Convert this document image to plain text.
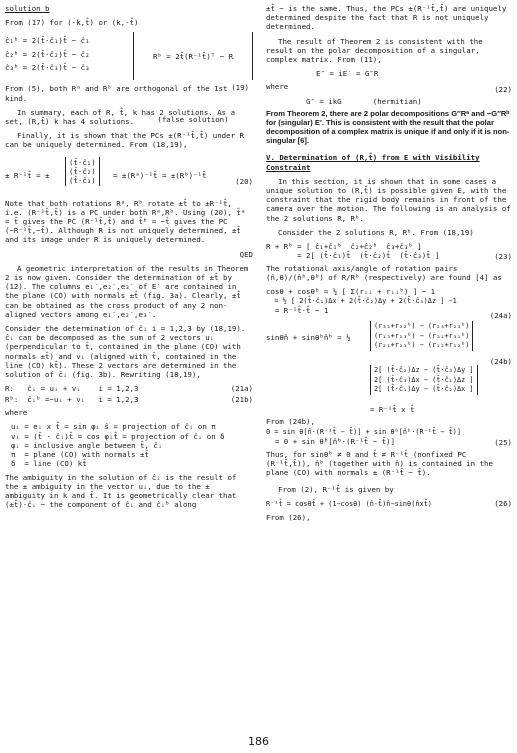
solution b

From (17) for (-k,t̂) or (k,-t̂)

ĉ₁ᵇ = 2(t̂·ĉ₁)t̂ − ĉ₁
ĉ₂ᵇ = 2(t̂·ĉ₂)t̂ − ĉ₂
ĉ₃ᵇ = 2(t̂·ĉ₃)t̂ − ĉ₃

Rᵇ = 2t̂(R⁻¹t̂)ᵀ − R

(19)

(false solution)

From (5), both Rᵃ and Rᵇ are orthogonal of the 1st kind.

In summary, each of R, t̂, k has 2 solutions. As a set, (R,t̂) k has 4 solutions.

Finally, it is shown that the PCs ±(R⁻¹t̂,t̂) under R can be uniquely determined. From (18,19),

± R⁻¹t̂ = ±
(t̂·ĉ₁)
(t̂·ĉ₂)
(t̂·ĉ₃)
= ±(Rᵃ)⁻¹t̂ = ±(Rᵇ)⁻¹t̂
(20)

Note that both rotations Rᵃ, Rᵇ rotate ±t̂ to ±R⁻¹t̂, i.e. (R⁻¹t̂,t̂) is a PC under both Rᵃ,Rᵇ. Using (20), t̂ᵃ = t̂ gives the PC (R⁻¹t̂,t̂) and t̂ᵇ = −t̂ gives the PC (−R⁻¹t̂,−t̂). Although R is not uniquely determined, ±t̂ and its image under R is uniquely determined.

QED

A geometric interpretation of the results in Theorem 2 is now given. Consider the determination of ±t̂ by (12). The columns e₁′,e₂′,e₃′ of E′ are contained in the plane (CO) with normals ±t̂ (fig. 3a). Clearly, ±t̂ can be obtained as the cross product of any 2 non-aligned vectors among e₁′,e₂′,e₃′.

Consider the determination of ĉᵢ i = 1,2,3 by (18,19). ĉᵢ can be decomposed as the sum of 2 vectors uᵢ (perpendicular to t̂, contained in the plane (CO) with normals ±t̂) and vᵢ (aligned with t̂, contained in the line (CO) kt̂). These 2 vectors are determined in the solution of ĉᵢ (fig. 3b). Rewriting (18,19),

R:   ĉᵢ = uᵢ + vᵢ    i = 1,2,3	(21a)
Rᵇ:  ĉᵢᵇ =−uᵢ + vᵢ   i = 1,2,3	(21b)

where

uᵢ = eᵢ x t̂ = sin φᵢ ŝ = projection of ĉᵢ on π
vᵢ = (t̂ · ĉᵢ)t̂ = cos φᵢt̂ = projection of ĉᵢ on δ
φᵢ = inclusive angle between t̂, ĉᵢ
π  = plane (CO) with normals ±t̂
δ  = line (CO) kt̂

The ambiguity in the solution of ĉᵢ is the result of the ± ambiguity in the vector uᵢ, due to the ± ambiguity in k and t̂. It is geometrically clear that (±t̂)·ĉᵢ − the component of ĉᵢ and ĉᵢᵇ along

±t̂ − is the same. Thus, the PCs ±(R⁻¹t̂,t̂) are uniquely determined despite the fact that R is not uniquely determined.

The result of Theorem 2 is consistent with the result on the polar decomposition of a singular, complex matrix. From (11),

E″ = iE′ = G″R

where

G″ = ikG       (hermitian)
(22)

From Theorem 2, there are 2 polar decompositions G″Rᵃ and −G″Rᵇ for (singular) E′. This is consistent with the result that the polar decomposition of a complex matrix is unique if and only if it is non-singular [6].

V. Determination of (R,t̂) from E with Visibility Constraint

In this section, it is shown that in some cases a unique solution to (R,t̂) is possible given E, with the constraint that the rigid body remains in front of the camera over the motion. The following is an analysis of the 2 solutions R, Rᵇ.

Consider the 2 solutions R, Rᵇ. From (18,19)

R + Rᵇ = [ ĉ₁+ĉ₁ᵇ  ĉ₂+ĉ₂ᵇ  ĉ₃+ĉ₃ᵇ ]
= 2[ (t̂·ĉ₁)t̂  (t̂·ĉ₂)t̂  (t̂·ĉ₃)t̂ ]	(23)

The rotational axis/angle of rotation pairs (n̂,θ)/(n̂ᵇ,θᵇ) of R/Rᵇ (respectively) are found [4] as

cosθ + cosθᵇ = ½ [ Σ(rᵢᵢ + rᵢᵢᵇ) ] − 1
= ½ [ 2(t̂·ĉ₁)Δx + 2(t̂·ĉ₂)Δy + 2(t̂·ĉ₃)Δz ] −1
= R⁻¹t̂·t̂ − 1
(24a)
sinθn̂ + sinθᵇn̂ᵇ = ½
(r₃₂+r₃₂ᵇ) − (r₂₃+r₂₃ᵇ)
(r₁₃+r₁₃ᵇ) − (r₃₁+r₃₁ᵇ)
(r₂₁+r₂₁ᵇ) − (r₁₂+r₁₂ᵇ)
(24b)
2[ (t̂·ĉ₂)Δz − (t̂·ĉ₃)Δy ]
2[ (t̂·ĉ₃)Δx − (t̂·ĉ₁)Δz ]
2[ (t̂·ĉ₁)Δy − (t̂·ĉ₂)Δx ]
= R⁻¹t̂ x t̂

From (24b),

0 = sin θ[n̂·(R⁻¹t̂ − t̂)] + sin θᵇ[n̂ᵇ·(R⁻¹t̂ − t̂)]
= 0 + sin θᵇ[n̂ᵇ·(R⁻¹t̂ − t̂)]	(25)

Thus, for sinθᵇ ≠ 0 and t̂ ≠ R⁻¹t̂ (nonfixed PC (R⁻¹t̂,t̂)), n̂ᵇ (together with n̂) is contained in the plane (CO) with normals ± (R⁻¹t̂ − t̂).

From (2), R⁻¹t̂ is given by

R⁻¹t̂ = cosθt̂ + (1−cosθ) (n̂·t̂)n̂−sinθ(n̂xt̂)	(26)

From (26),

186
